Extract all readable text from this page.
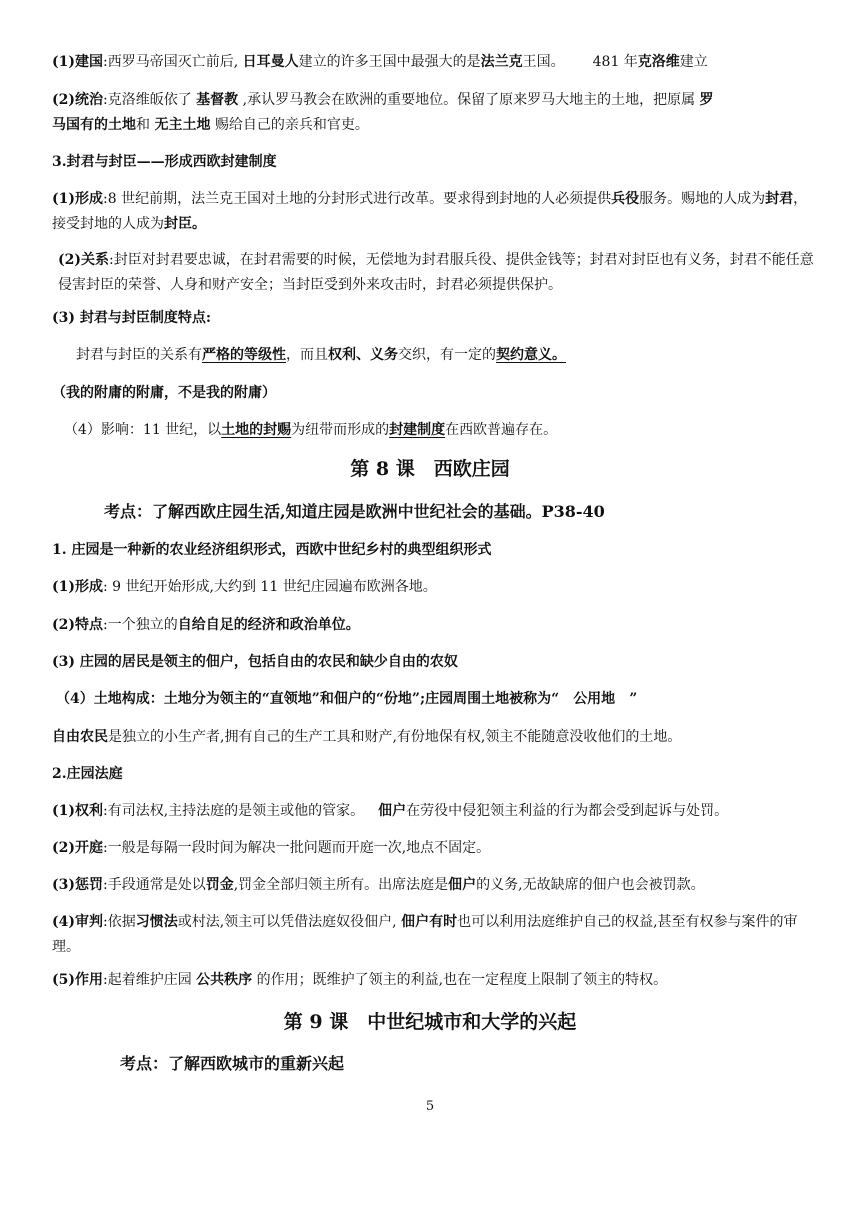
(1)建国:西罗马帝国灭亡前后, 日耳曼人建立的许多王国中最强大的是法兰克王国。 481 年克洛维建立
(2)统治:克洛维皈依了 基督教 ,承认罗马教会在欧洲的重要地位。保留了原来罗马大地主的土地，把原属 罗
马国有的土地和 无主土地 赐给自己的亲兵和官吏。
3.封君与封臣——形成西欧封建制度
(1)形成:8 世纪前期，法兰克王国对土地的分封形式进行改革。要求得到封地的人必须提供兵役服务。赐地的人成为封君，接受封地的人成为封臣。
(2)关系:封臣对封君要忠诚，在封君需要的时候，无偿地为封君服兵役、提供金钱等；封君对封臣也有义务，封君不能任意侵害封臣的荣誉、人身和财产安全；当封臣受到外来攻击时，封君必须提供保护。
(3) 封君与封臣制度特点:
封君与封臣的关系有严格的等级性，而且权利、义务交织，有一定的契约意义。
（我的附庸的附庸，不是我的附庸）
（4）影响：11 世纪，以土地的封赐为纽带而形成的封建制度在西欧普遍存在。
第 8 课　西欧庄园
考点：了解西欧庄园生活,知道庄园是欧洲中世纪社会的基础。P38-40
1. 庄园是一种新的农业经济组织形式，西欧中世纪乡村的典型组织形式
(1)形成: 9 世纪开始形成,大约到 11 世纪庄园遍布欧洲各地。
(2)特点:一个独立的自给自足的经济和政治单位。
(3) 庄园的居民是领主的佃户，包括自由的农民和缺少自由的农奴
（4）土地构成：土地分为领主的“直领地”和佃户的“份地”;庄园周围土地被称为“ 公用地 ”
自由农民是独立的小生产者,拥有自己的生产工具和财产,有份地保有权,领主不能随意没收他们的土地。
2.庄园法庭
(1)权利:有司法权,主持法庭的是领主或他的管家。 佃户在劳役中侵犯领主利益的行为都会受到起诉与处罚。
(2)开庭:一般是每隔一段时间为解决一批问题而开庭一次,地点不固定。
(3)惩罚:手段通常是处以罚金,罚金全部归领主所有。出席法庭是佃户的义务,无故缺席的佃户也会被罚款。
(4)审判:依据习惯法或村法,领主可以凭借法庭奴役佃户, 佃户有时也可以利用法庭维护自己的权益,甚至有权参与案件的审理。
(5)作用:起着维护庄园 公共秩序 的作用；既维护了领主的利益,也在一定程度上限制了领主的特权。
第 9 课　中世纪城市和大学的兴起
考点：了解西欧城市的重新兴起
5
